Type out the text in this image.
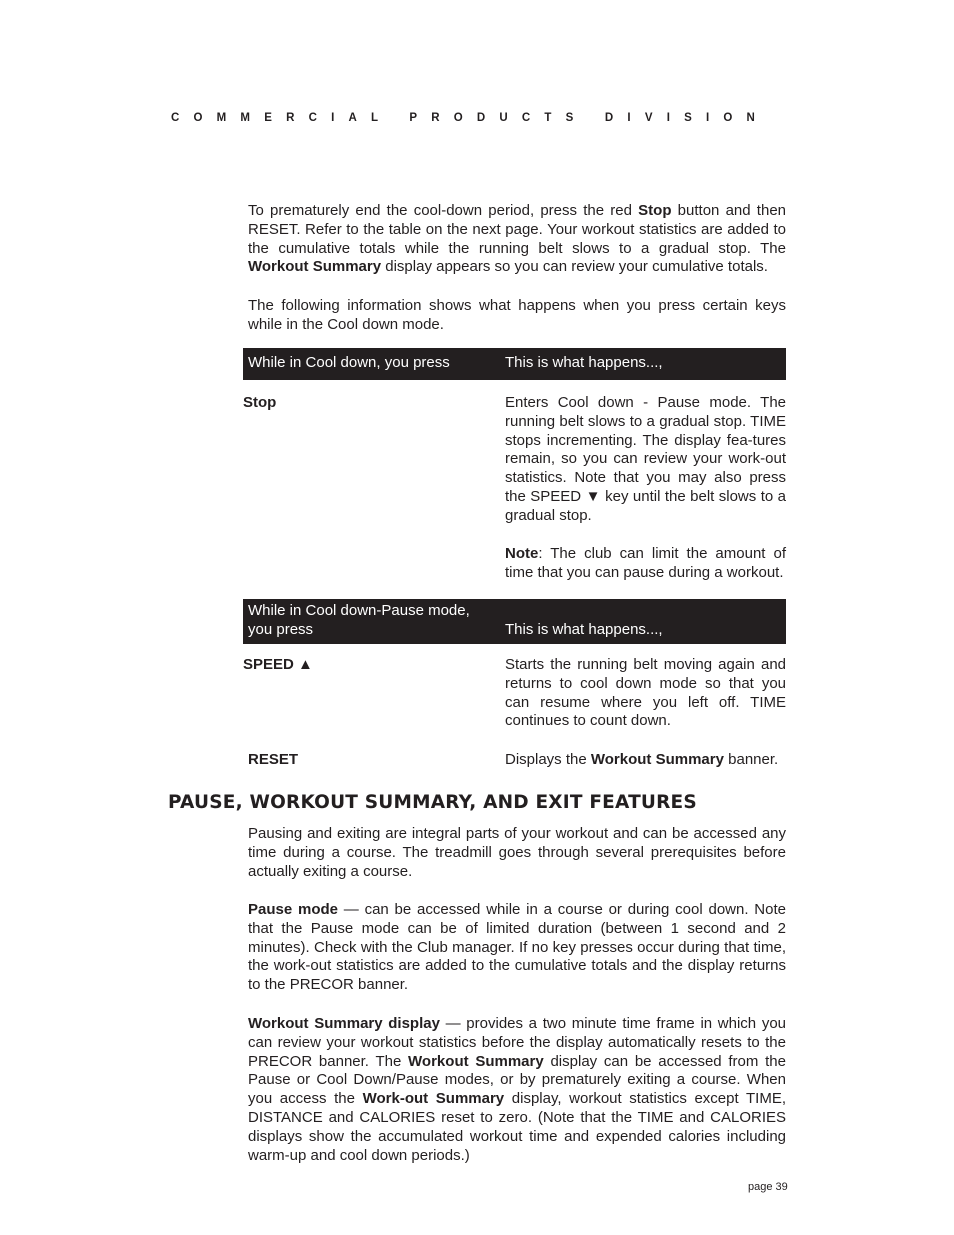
COMMERCIAL PRODUCTS DIVISION

To prematurely end the cool-down period, press the red Stop button and then RESET. Refer to the table on the next page. Your workout statistics are added to the cumulative totals while the running belt slows to a gradual stop. The Workout Summary display appears so you can review your cumulative totals.

The following information shows what happens when you press certain keys while in the Cool down mode.

While in Cool down, you press	This is what happens...,
Stop	Enters Cool down - Pause mode. The running belt slows to a gradual stop. TIME stops incrementing. The display fea-tures remain, so you can review your work-out statistics. Note that you may also press the SPEED ▼ key until the belt slows to a gradual stop.

Note: The club can limit the amount of time that you can pause during a workout.

While in Cool down-Pause mode,
you press	This is what happens...,
SPEED ▲	Starts the running belt moving again and returns to cool down mode so that you can resume where you left off. TIME continues to count down.

RESET	Displays the Workout Summary banner.

PAUSE, WORKOUT SUMMARY, AND EXIT FEATURES

Pausing and exiting are integral parts of your workout and can be accessed any time during a course. The treadmill goes through several prerequisites before actually exiting a course.

Pause mode — can be accessed while in a course or during cool down. Note that the Pause mode can be of limited duration (between 1 second and 2 minutes). Check with the Club manager. If no key presses occur during that time, the work-out statistics are added to the cumulative totals and the display returns to the PRECOR banner.

Workout Summary display — provides a two minute time frame in which you can review your workout statistics before the display automatically resets to the PRECOR banner. The Workout Summary display can be accessed from the Pause or Cool Down/Pause modes, or by prematurely exiting a course. When you access the Work-out Summary display, workout statistics except TIME, DISTANCE and CALORIES reset to zero. (Note that the TIME and CALORIES displays show the accumulated workout time and expended calories including warm-up and cool down periods.)

page 39
